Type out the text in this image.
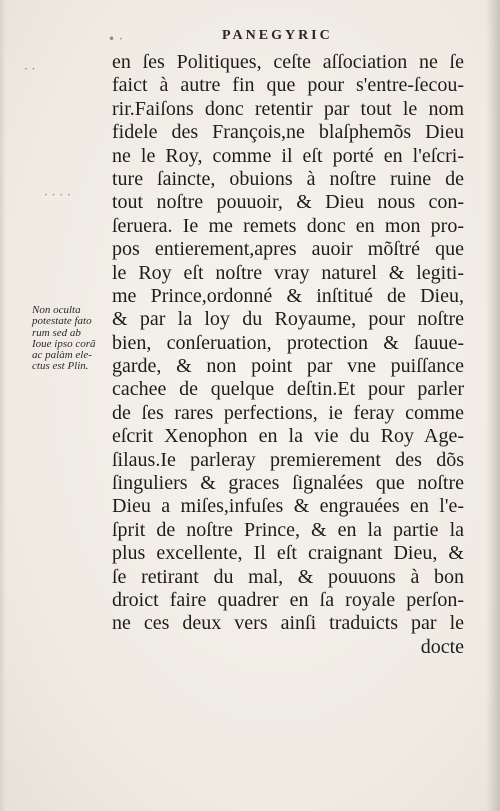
• ·
· ·
· · · ·
PANEGYRIC
Non oculta
potestate fato
rum sed ab
Ioue ipso corã
ac palàm ele-
ctus est Plin.
en ſes Politiques, ceſte aſſociation ne ſe
faict à autre fin que pour s'entre-ſecou-
rir.Faiſons donc retentir par tout le nom
fidele des François,ne blaſphemõs Dieu
ne le Roy, comme il eſt porté en l'eſcri-
ture ſaincte, obuions à noſtre ruine de
tout noſtre pouuoir, & Dieu nous con-
ſeruera. Ie me remets donc en mon pro-
pos entierement,apres auoir mõſtré que
le Roy eſt noſtre vray naturel & legiti-
me Prince,ordonné & inſtitué de Dieu,
& par la loy du Royaume, pour noſtre
bien, conſeruation, protection & ſauue-
garde, & non point par vne puiſſance
cachee de quelque deſtin.Et pour parler
de ſes rares perfections, ie feray comme
eſcrit Xenophon en la vie du Roy Age-
ſilaus.Ie parleray premierement des dõs
ſinguliers & graces ſignalées que noſtre
Dieu a miſes,infuſes & engrauées en l'e-
ſprit de noſtre Prince, & en la partie la
plus excellente, Il eſt craignant Dieu, &
ſe retirant du mal, & pouuons à bon
droict faire quadrer en ſa royale perſon-
ne ces deux vers ainſi traduicts par le
docte
